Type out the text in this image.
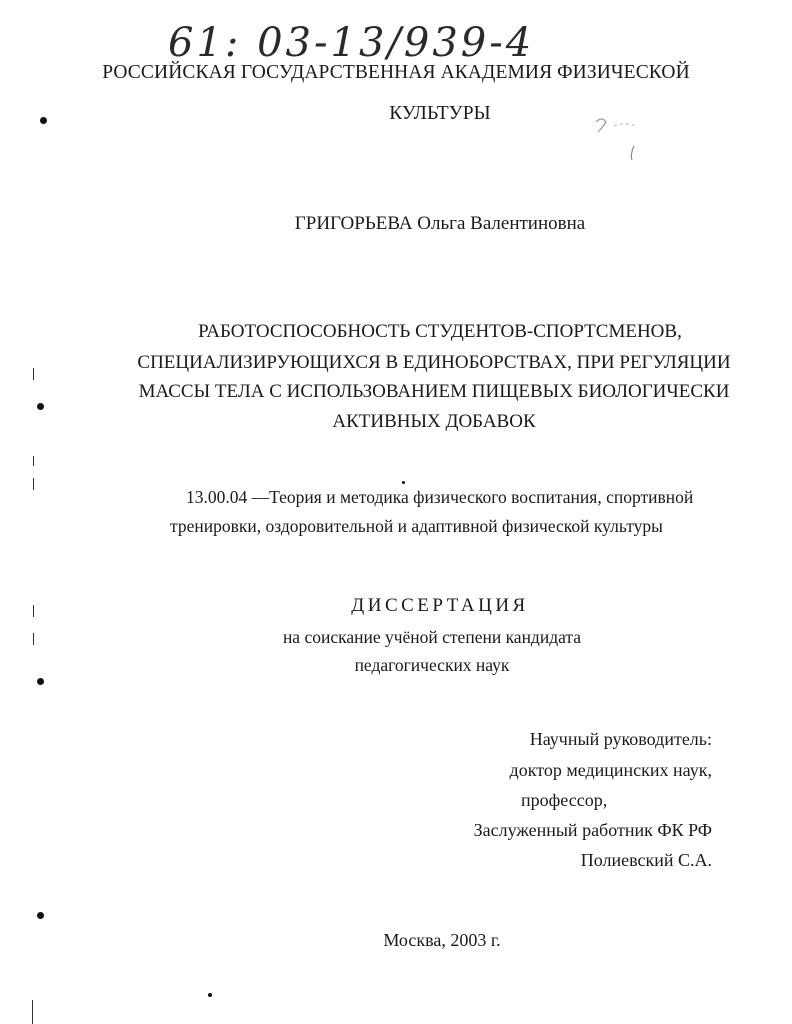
61: 03-13/939-4
РОССИЙСКАЯ ГОСУДАРСТВЕННАЯ АКАДЕМИЯ ФИЗИЧЕСКОЙ
КУЛЬТУРЫ
ГРИГОРЬЕВА Ольга Валентиновна
РАБОТОСПОСОБНОСТЬ СТУДЕНТОВ-СПОРТСМЕНОВ,
СПЕЦИАЛИЗИРУЮЩИХСЯ В ЕДИНОБОРСТВАХ, ПРИ РЕГУЛЯЦИИ
МАССЫ ТЕЛА С ИСПОЛЬЗОВАНИЕМ ПИЩЕВЫХ БИОЛОГИЧЕСКИ
АКТИВНЫХ ДОБАВОК
13.00.04 —Теория и методика физического воспитания, спортивной
тренировки, оздоровительной и адаптивной физической культуры
ДИССЕРТАЦИЯ
на соискание учёной степени кандидата
педагогических наук
Научный руководитель:
доктор медицинских наук,
профессор,
Заслуженный работник ФК РФ
Полиевский С.А.
Москва, 2003 г.
